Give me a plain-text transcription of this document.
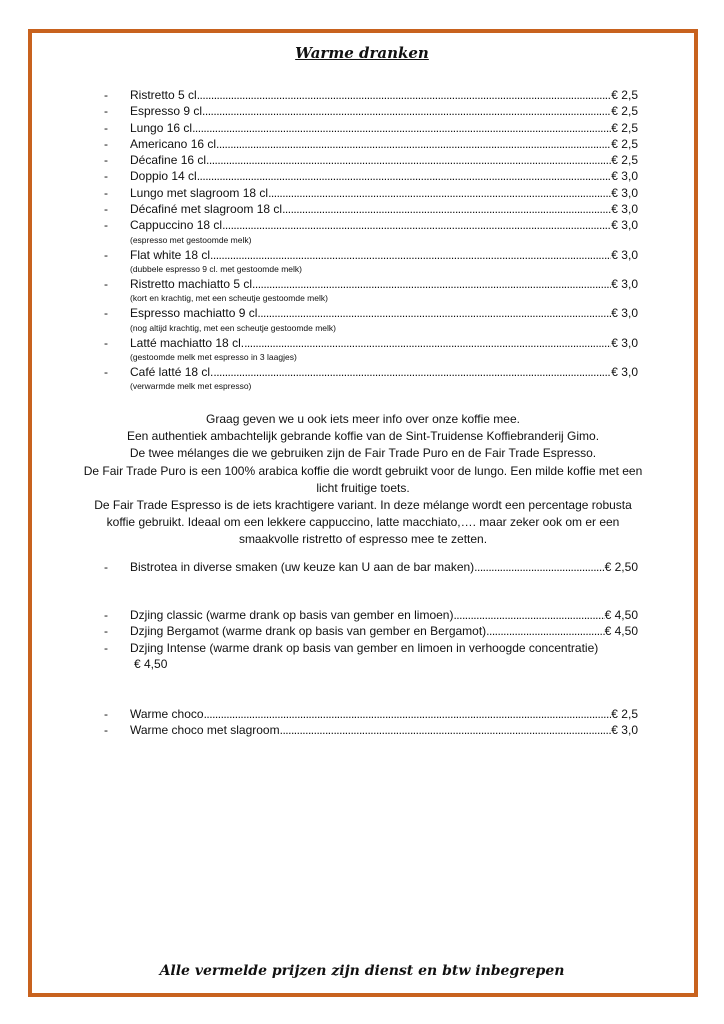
Warme dranken
-	Ristretto 5 cl .....	€ 2,5
-	Espresso 9 cl .....	€ 2,5
-	Lungo 16 cl .....	€ 2,5
-	Americano 16 cl .....	€ 2,5
-	Décafine 16 cl .....	€ 2,5
-	Doppio 14 cl .....	€ 3,0
-	Lungo met slagroom 18 cl .....	€ 3,0
-	Décafiné met slagroom 18 cl .....	€ 3,0
-	Cappuccino 18 cl .....	€ 3,0
(espresso met gestoomde melk)
-	Flat white 18 cl .....	€ 3,0
(dubbele espresso 9 cl. met gestoomde melk)
-	Ristretto machiatto 5 cl .....	€ 3,0
(kort en krachtig, met een scheutje gestoomde melk)
-	Espresso machiatto 9 cl .....	€ 3,0
(nog altijd krachtig, met een scheutje gestoomde melk)
-	Latté machiatto 18 cl. .....	€ 3,0
(gestoomde melk met espresso in 3 laagjes)
-	Café latté 18 cl. .....	€ 3,0
(verwarmde melk met espresso)
Graag geven we u ook iets meer info over onze koffie mee.
Een authentiek ambachtelijk gebrande koffie van de Sint-Truidense Koffiebranderij Gimo.
De twee mélanges die we gebruiken zijn de Fair Trade Puro en de Fair Trade Espresso.
De Fair Trade Puro is een 100% arabica koffie die wordt gebruikt voor de lungo. Een milde koffie met een licht fruitige toets.
De Fair Trade Espresso is de iets krachtigere variant. In deze mélange wordt een percentage robusta koffie gebruikt. Ideaal om een lekkere cappuccino, latte macchiato,…. maar zeker ook om er een smaakvolle ristretto of espresso mee te zetten.
-	Bistrotea in diverse smaken (uw keuze kan U aan de bar maken) .....	€ 2,50
-	Dzjing classic (warme drank op basis van gember en limoen) .....	€ 4,50
-	Dzjing Bergamot (warme drank op basis van gember en Bergamot) .....	€ 4,50
-	Dzjing Intense (warme drank op basis van gember en limoen in verhoogde concentratie)
€ 4,50
-	Warme choco .....	€ 2,5
-	Warme choco met slagroom .....	€ 3,0
Alle vermelde prijzen zijn dienst en btw inbegrepen
